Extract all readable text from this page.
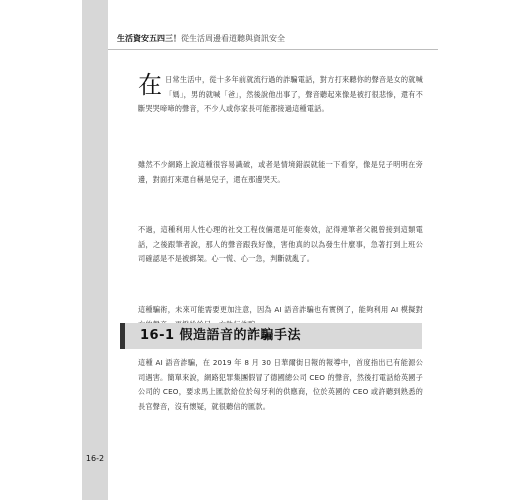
生活資安五四三！從生活周邊看道聽與資訊安全

在日常生活中，從十多年前就流行過的詐騙電話，對方打來聽你的聲音是女的就喊「媽」，男的就喊「爸」，然後說他出事了，聲音聽起來像是被打很悲慘，還有不斷哭哭啼啼的聲音，不少人或你家長可能都接過這種電話。

雖然不少網路上說這種很容易識破，或者是情境錯誤就能一下看穿，像是兒子明明在旁邊，對面打來還自稱是兒子，還在那邊哭天。

不過，這種利用人性心理的社交工程伎倆還是可能奏效，記得連筆者父親曾接到這類電話，之後跟筆者說，那人的聲音跟我好像，害他真的以為發生什麼事，急著打到上班公司確認是不是被綁架。心一慌、心一急，判斷就亂了。

這種騙術，未來可能需要更加注意，因為 AI 語音詐騙也有實例了，能夠利用 AI 模擬對

16-1 假造語音的詐騙手法

這種 AI 語音詐騙，在 2019 年 8 月 30 日華爾街日報的報導中，首度指出已有能源公司遇害。簡單來說，網路犯罪集團假冒了德國總公司 CEO 的聲音，然後打電話給英國子公司的 CEO，要求馬上匯款給位於匈牙利的供應商，位於英國的 CEO 或許聽到熟悉的長官聲音，沒有懷疑，就很聽信的匯款。

16-2
